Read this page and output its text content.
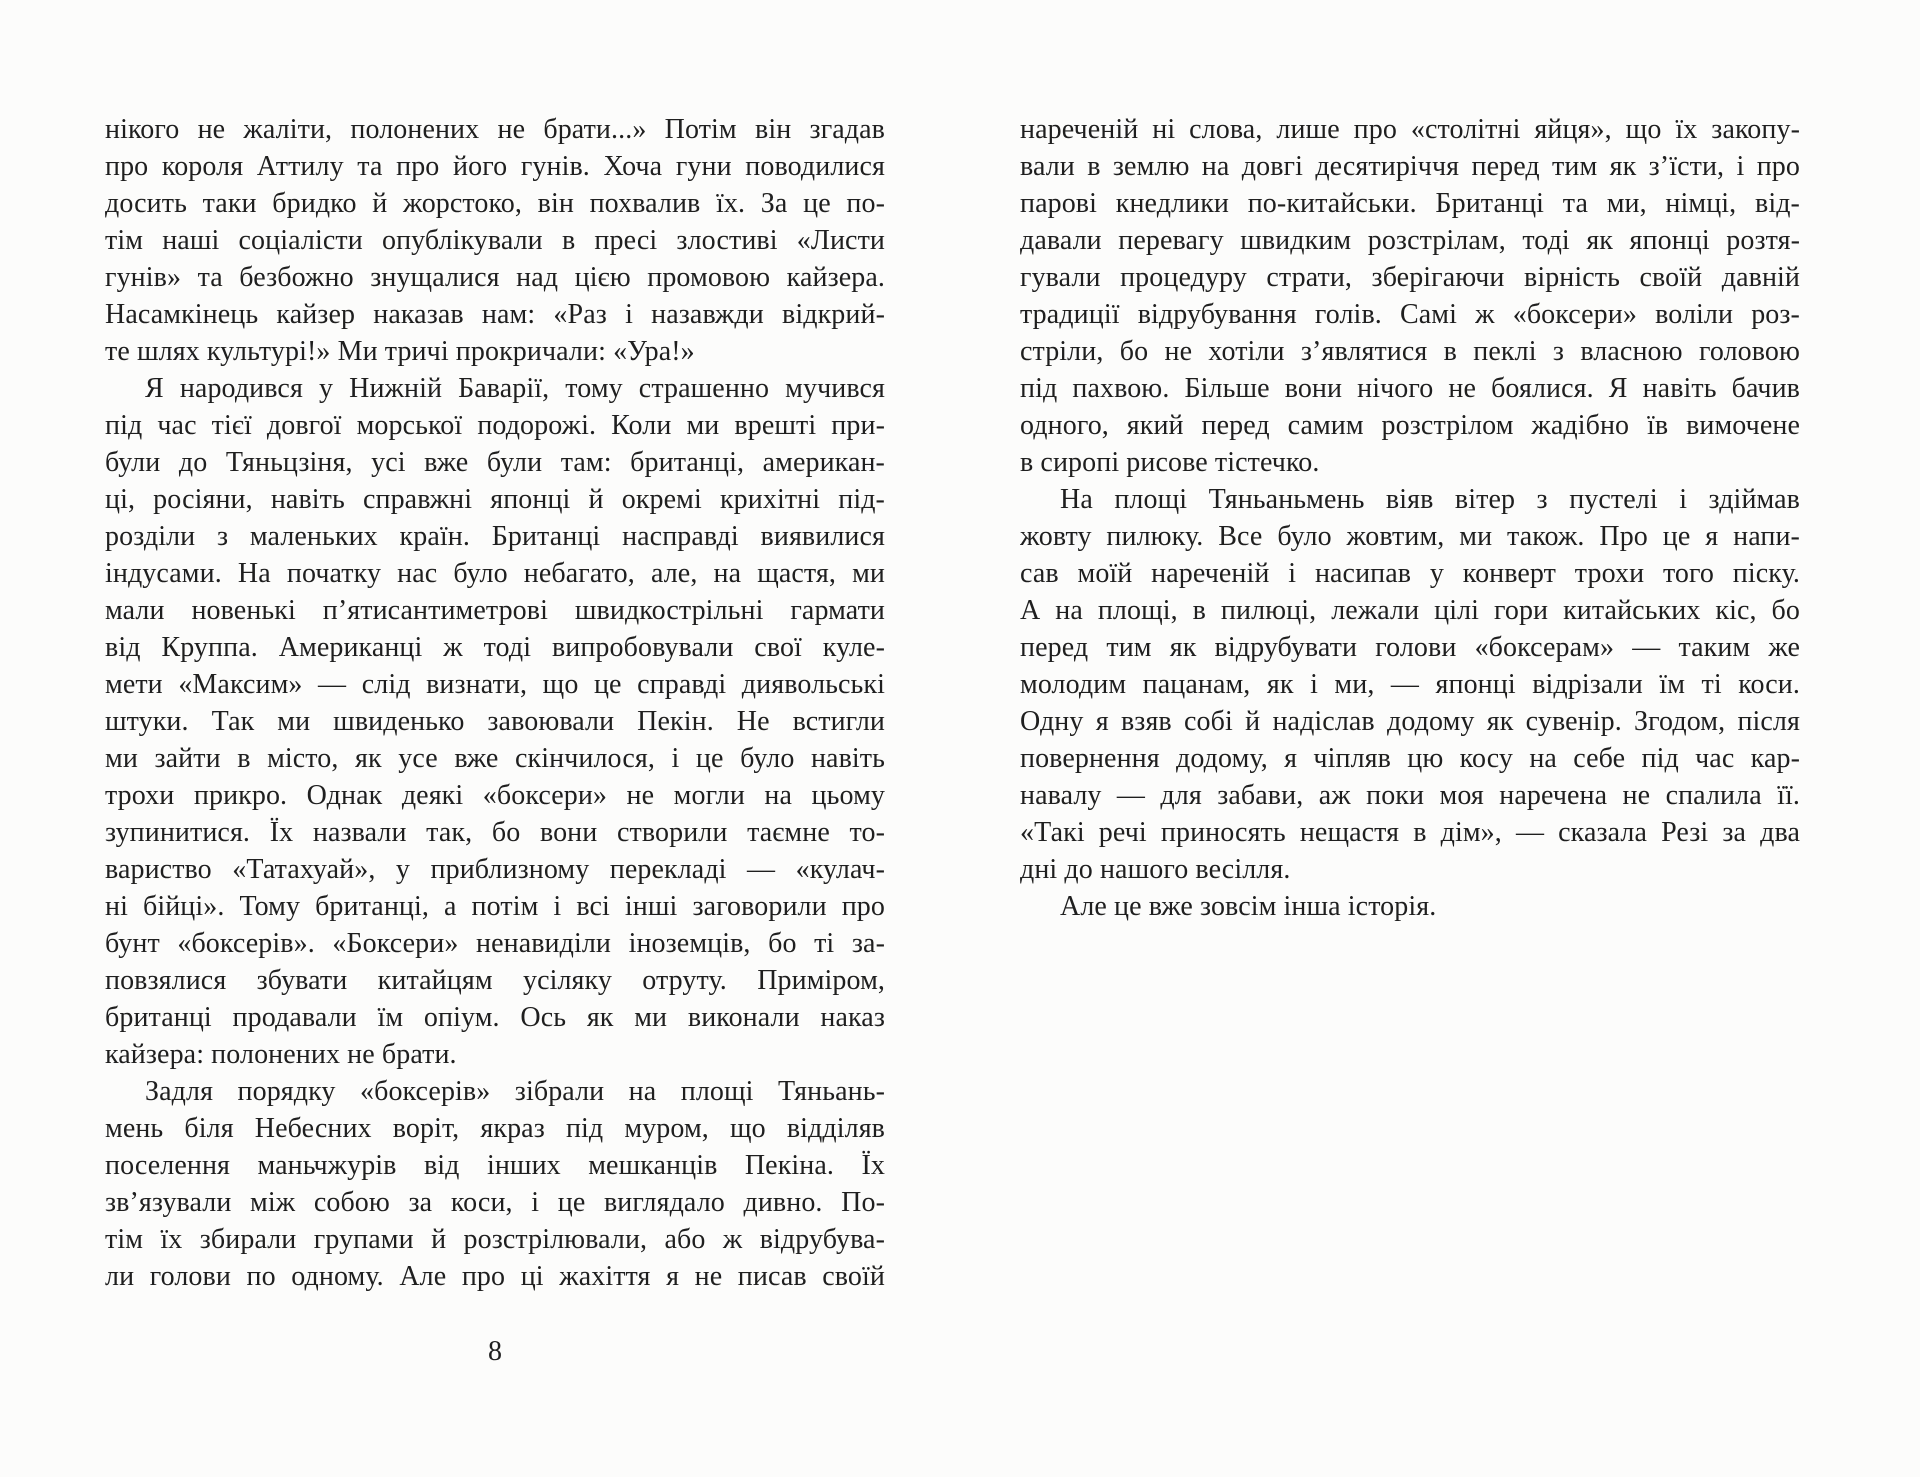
нікого не жаліти, полонених не брати...» Потім він згадав
про короля Аттилу та про його гунів. Хоча гуни поводилися
досить таки бридко й жорстоко, він похвалив їх. За це по-
тім наші соціалісти опублікували в пресі злостиві «Листи
гунів» та безбожно знущалися над цією промовою кайзера.
Насамкінець кайзер наказав нам: «Раз і назавжди відкрий-
те шлях культурі!» Ми тричі прокричали: «Ура!»
Я народився у Нижній Баварії, тому страшенно мучився
під час тієї довгої морської подорожі. Коли ми врешті при-
були до Тяньцзіня, усі вже були там: британці, американ-
ці, росіяни, навіть справжні японці й окремі крихітні під-
розділи з маленьких країн. Британці насправді виявилися
індусами. На початку нас було небагато, але, на щастя, ми
мали новенькі п’ятисантиметрові швидкострільні гармати
від Круппа. Американці ж тоді випробовували свої куле-
мети «Максим» — слід визнати, що це справді диявольські
штуки. Так ми швиденько завоювали Пекін. Не встигли
ми зайти в місто, як усе вже скінчилося, і це було навіть
трохи прикро. Однак деякі «боксери» не могли на цьому
зупинитися. Їх назвали так, бо вони створили таємне то-
вариство «Татахуай», у приблизному перекладі — «кулач-
ні бійці». Тому британці, а потім і всі інші заговорили про
бунт «боксерів». «Боксери» ненавиділи іноземців, бо ті за-
повзялися збувати китайцям усіляку отруту. Приміром,
британці продавали їм опіум. Ось як ми виконали наказ
кайзера: полонених не брати.
Задля порядку «боксерів» зібрали на площі Тяньань-
мень біля Небесних воріт, якраз під муром, що відділяв
поселення маньчжурів від інших мешканців Пекіна. Їх
зв’язували між собою за коси, і це виглядало дивно. По-
тім їх збирали групами й розстрілювали, або ж відрубува-
ли голови по одному. Але про ці жахіття я не писав своїй
8
нареченій ні слова, лише про «столітні яйця», що їх закопу-
вали в землю на довгі десятиріччя перед тим як з’їсти, і про
парові кнедлики по-китайськи. Британці та ми, німці, від-
давали перевагу швидким розстрілам, тоді як японці розтя-
гували процедуру страти, зберігаючи вірність своїй давній
традиції відрубування голів. Самі ж «боксери» воліли роз-
стріли, бо не хотіли з’являтися в пеклі з власною головою
під пахвою. Більше вони нічого не боялися. Я навіть бачив
одного, який перед самим розстрілом жадібно їв вимочене
в сиропі рисове тістечко.
На площі Тяньаньмень віяв вітер з пустелі і здіймав
жовту пилюку. Все було жовтим, ми також. Про це я напи-
сав моїй нареченій і насипав у конверт трохи того піску.
А на площі, в пилюці, лежали цілі гори китайських кіс, бо
перед тим як відрубувати голови «боксерам» — таким же
молодим пацанам, як і ми, — японці відрізали їм ті коси.
Одну я взяв собі й надіслав додому як сувенір. Згодом, після
повернення додому, я чіпляв цю косу на себе під час кар-
навалу — для забави, аж поки моя наречена не спалила її.
«Такі речі приносять нещастя в дім», — сказала Резі за два
дні до нашого весілля.
Але це вже зовсім інша історія.
